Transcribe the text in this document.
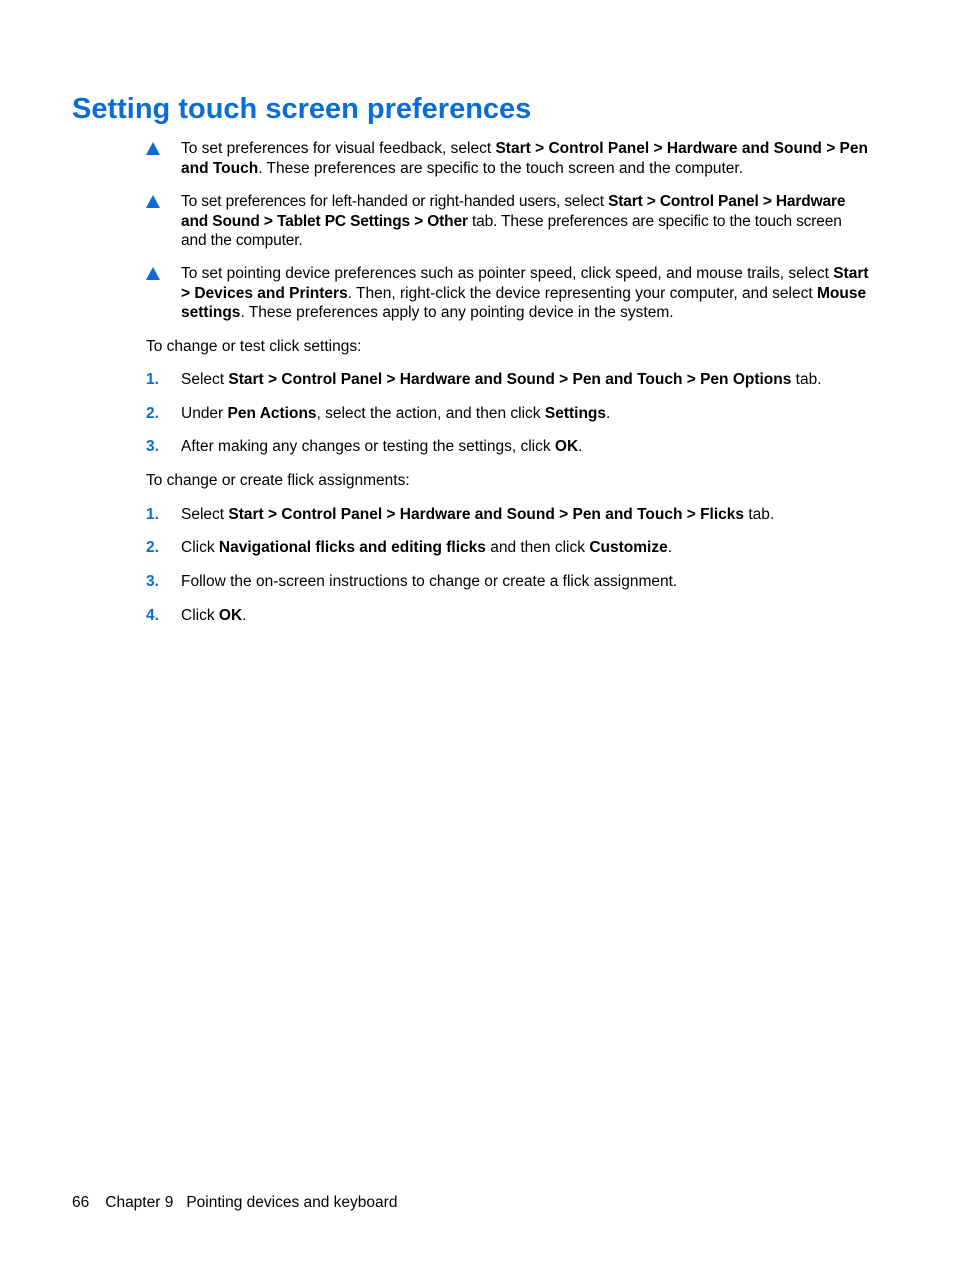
Setting touch screen preferences
To set preferences for visual feedback, select Start > Control Panel > Hardware and Sound > Pen and Touch. These preferences are specific to the touch screen and the computer.
To set preferences for left-handed or right-handed users, select Start > Control Panel > Hardware and Sound > Tablet PC Settings > Other tab. These preferences are specific to the touch screen and the computer.
To set pointing device preferences such as pointer speed, click speed, and mouse trails, select Start > Devices and Printers. Then, right-click the device representing your computer, and select Mouse settings. These preferences apply to any pointing device in the system.

To change or test click settings:

1. Select Start > Control Panel > Hardware and Sound > Pen and Touch > Pen Options tab.
2. Under Pen Actions, select the action, and then click Settings.
3. After making any changes or testing the settings, click OK.

To change or create flick assignments:

1. Select Start > Control Panel > Hardware and Sound > Pen and Touch > Flicks tab.
2. Click Navigational flicks and editing flicks and then click Customize.
3. Follow the on-screen instructions to change or create a flick assignment.
4. Click OK.
66 Chapter 9 Pointing devices and keyboard
